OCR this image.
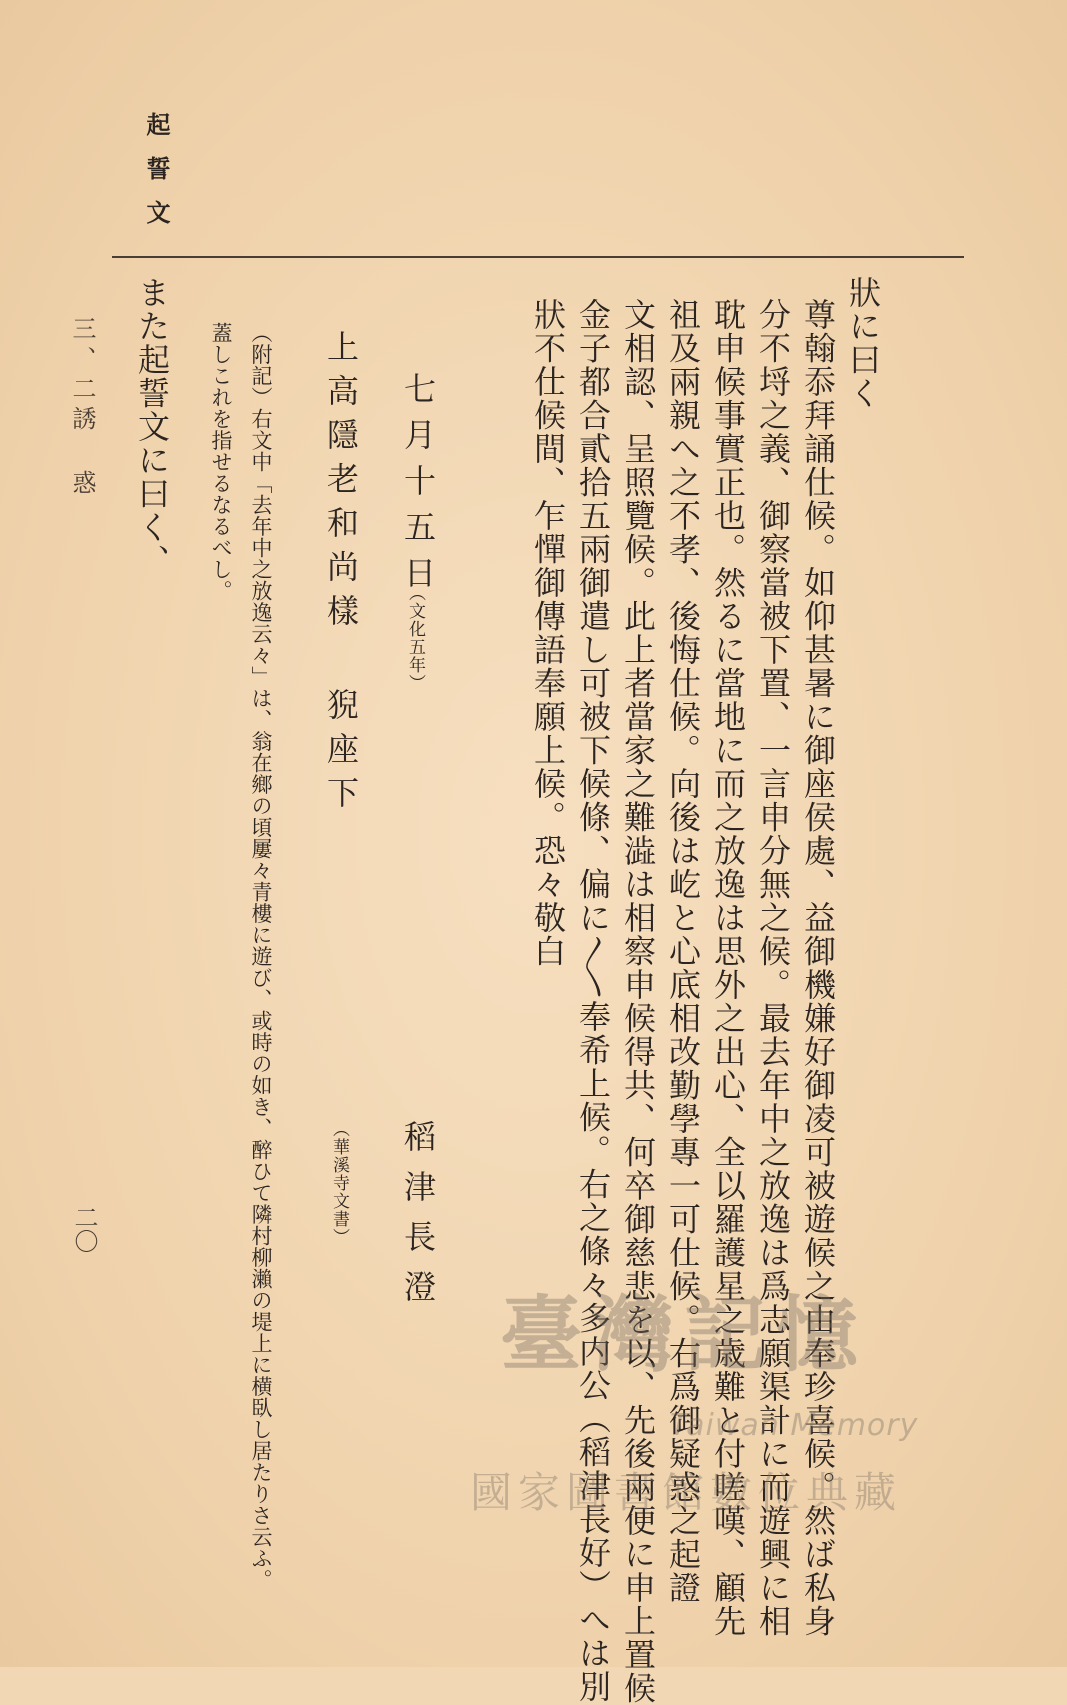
起誓文
狀に曰く
尊翰忝拜誦仕候。如仰甚暑に御座侯處、益御機嫌好御凌可被遊候之由奉珍喜候。然ば私身
分不埒之義、御察當被下置、一言申分無之候。最去年中之放逸は爲志願渠計に而遊興に相
耽申候事實正也。然るに當地に而之放逸は思外之出心、全以羅護星之歳難と付嗟嘆、顧先
祖及兩親へ之不孝、後悔仕候。向後は屹と心底相改勤學專一可仕候。右爲御疑惑之起證
文相認、呈照覽候。此上者當家之難澁は相察申候得共、何卒御慈悲を以、先後兩便に申上置候
金子都合貳拾五兩御遣し可被下候條、偏に〳〵奉希上候。右之條々多内公（稻津長好）へは別
狀不仕候間、乍憚御傳語奉願上候。恐々敬白
七月十五日
（文化五年）
稻津長澄
上高隱老和尚樣 猊座下
（華溪寺文書）
（附記）右文中「去年中之放逸云々」は、翁在鄉の頃屢々青樓に遊び、或時の如き、醉ひて隣村柳瀨の堤上に横臥し居たりさ云ふ。
蓋しこれを指せるなるべし。
また起誓文に曰く、
三、二誘 惑
二〇
臺灣記憶
Taiwan Memory
國家圖書館數位典藏
